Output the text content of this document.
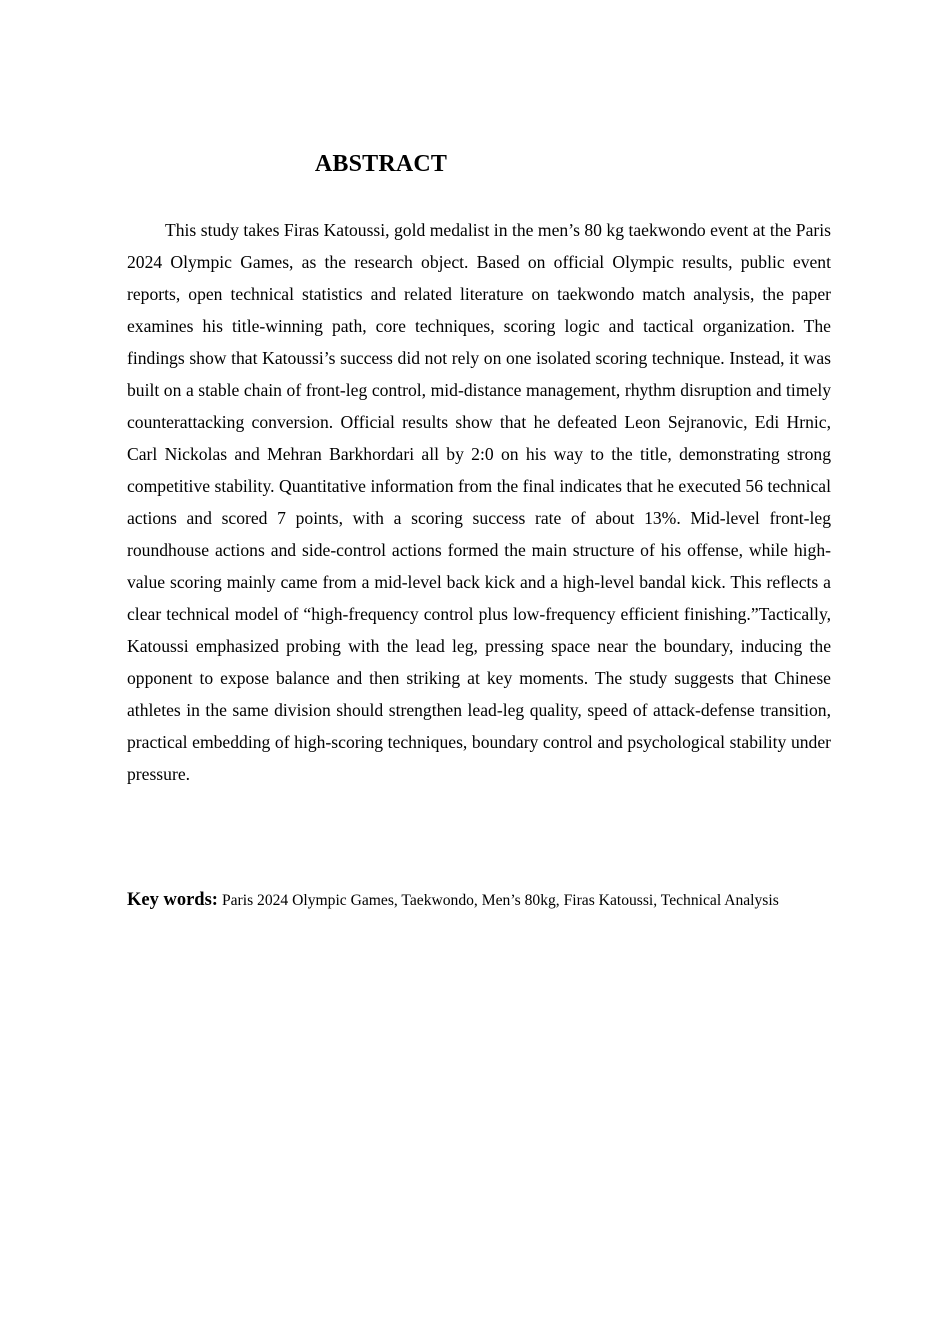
ABSTRACT

This study takes Firas Katoussi, gold medalist in the men’s 80 kg taekwondo event at the Paris 2024 Olympic Games, as the research object. Based on official Olympic results, public event reports, open technical statistics and related literature on taekwondo match analysis, the paper examines his title-winning path, core techniques, scoring logic and tactical organization. The findings show that Katoussi’s success did not rely on one isolated scoring technique. Instead, it was built on a stable chain of front-leg control, mid-distance management, rhythm disruption and timely counterattacking conversion. Official results show that he defeated Leon Sejranovic, Edi Hrnic, Carl Nickolas and Mehran Barkhordari all by 2:0 on his way to the title, demonstrating strong competitive stability. Quantitative information from the final indicates that he executed 56 technical actions and scored 7 points, with a scoring success rate of about 13%. Mid-level front-leg roundhouse actions and side-control actions formed the main structure of his offense, while high-value scoring mainly came from a mid-level back kick and a high-level bandal kick. This reflects a clear technical model of “high-frequency control plus low-frequency efficient finishing.”Tactically, Katoussi emphasized probing with the lead leg, pressing space near the boundary, inducing the opponent to expose balance and then striking at key moments. The study suggests that Chinese athletes in the same division should strengthen lead-leg quality, speed of attack-defense transition, practical embedding of high-scoring techniques, boundary control and psychological stability under pressure.

Key words: Paris 2024 Olympic Games, Taekwondo, Men’s 80kg, Firas Katoussi, Technical Analysis
